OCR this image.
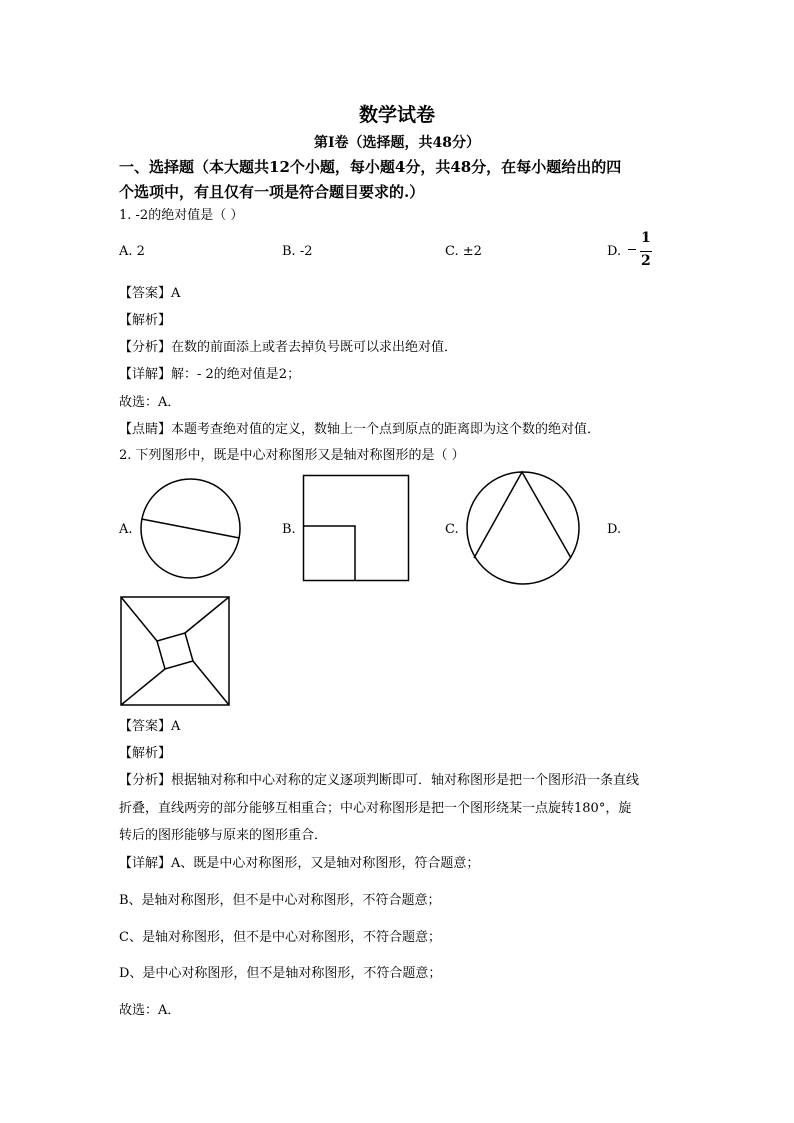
数学试卷
第Ⅰ卷（选择题，共48分）
一、选择题（本大题共12个小题，每小题4分，共48分，在每小题给出的四
个选项中，有且仅有一项是符合题目要求的.）
1. -2的绝对值是（ ）
A. 2	B. -2	C. ±2	D.
1
2
【答案】A
【解析】
【分析】在数的前面添上或者去掉负号既可以求出绝对值．
【详解】解：- 2的绝对值是2；
故选：A．
【点睛】本题考查绝对值的定义，数轴上一个点到原点的距离即为这个数的绝对值．
2. 下列图形中，既是中心对称图形又是轴对称图形的是（ ）
A.	B.	C.	D.
【答案】A
【解析】
【分析】根据轴对称和中心对称的定义逐项判断即可．轴对称图形是把一个图形沿一条直线
折叠，直线两旁的部分能够互相重合；中心对称图形是把一个图形绕某一点旋转180°，旋
转后的图形能够与原来的图形重合．
【详解】A、既是中心对称图形，又是轴对称图形，符合题意；
B、是轴对称图形，但不是中心对称图形，不符合题意；
C、是轴对称图形，但不是中心对称图形，不符合题意；
D、是中心对称图形，但不是轴对称图形，不符合题意；
故选：A．
